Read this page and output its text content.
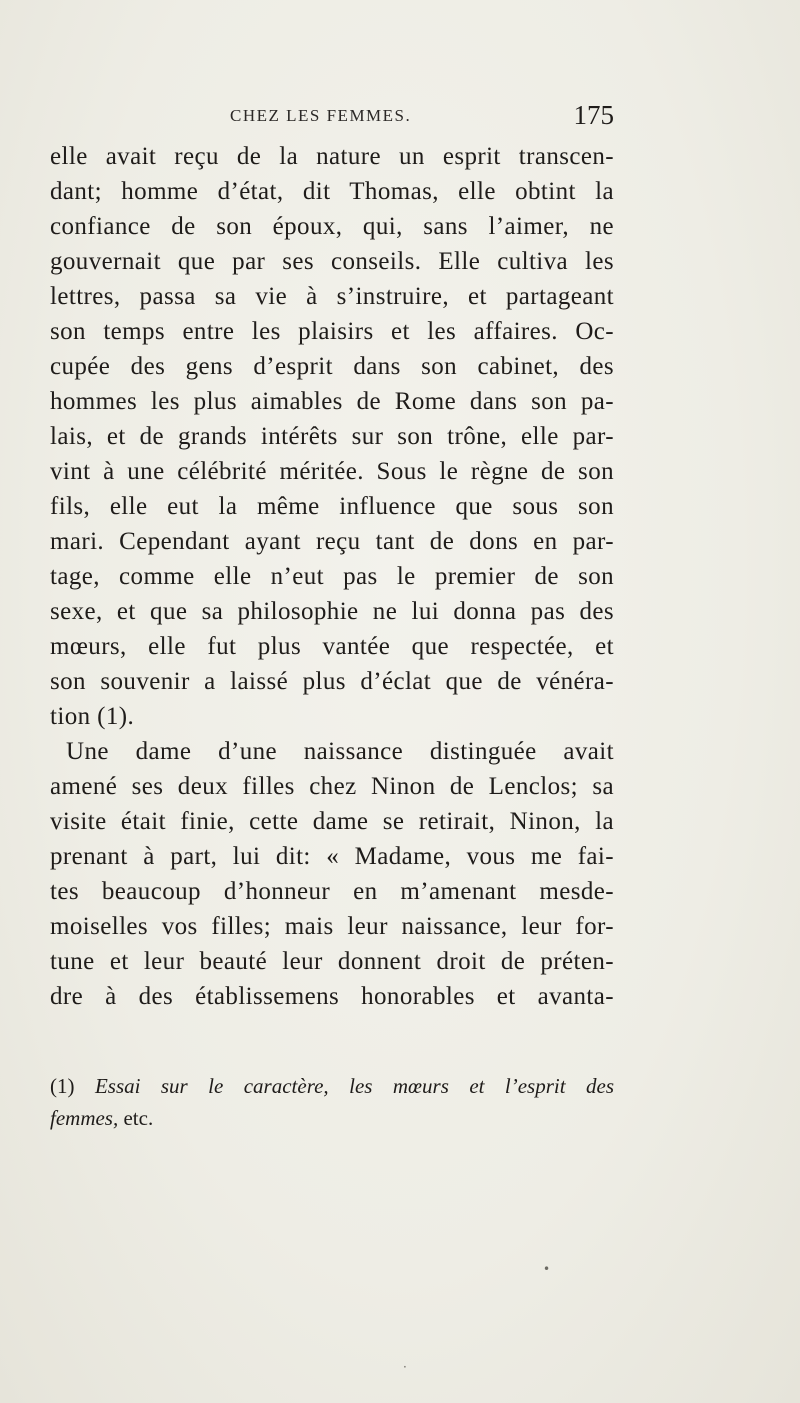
CHEZ LES FEMMES.	175
elle avait reçu de la nature un esprit transcen-
dant; homme d’état, dit Thomas, elle obtint la
confiance de son époux, qui, sans l’aimer, ne
gouvernait que par ses conseils. Elle cultiva les
lettres, passa sa vie à s’instruire, et partageant
son temps entre les plaisirs et les affaires. Oc-
cupée des gens d’esprit dans son cabinet, des
hommes les plus aimables de Rome dans son pa-
lais, et de grands intérêts sur son trône, elle par-
vint à une célébrité méritée. Sous le règne de son
fils, elle eut la même influence que sous son
mari. Cependant ayant reçu tant de dons en par-
tage, comme elle n’eut pas le premier de son
sexe, et que sa philosophie ne lui donna pas des
mœurs, elle fut plus vantée que respectée, et
son souvenir a laissé plus d’éclat que de vénéra-
tion (1).
Une dame d’une naissance distinguée avait
amené ses deux filles chez Ninon de Lenclos; sa
visite était finie, cette dame se retirait, Ninon, la
prenant à part, lui dit: « Madame, vous me fai-
tes beaucoup d’honneur en m’amenant mesde-
moiselles vos filles; mais leur naissance, leur for-
tune et leur beauté leur donnent droit de préten-
dre à des établissemens honorables et avanta-
(1) Essai sur le caractère, les mœurs et l’esprit des
femmes, etc.
•
·
